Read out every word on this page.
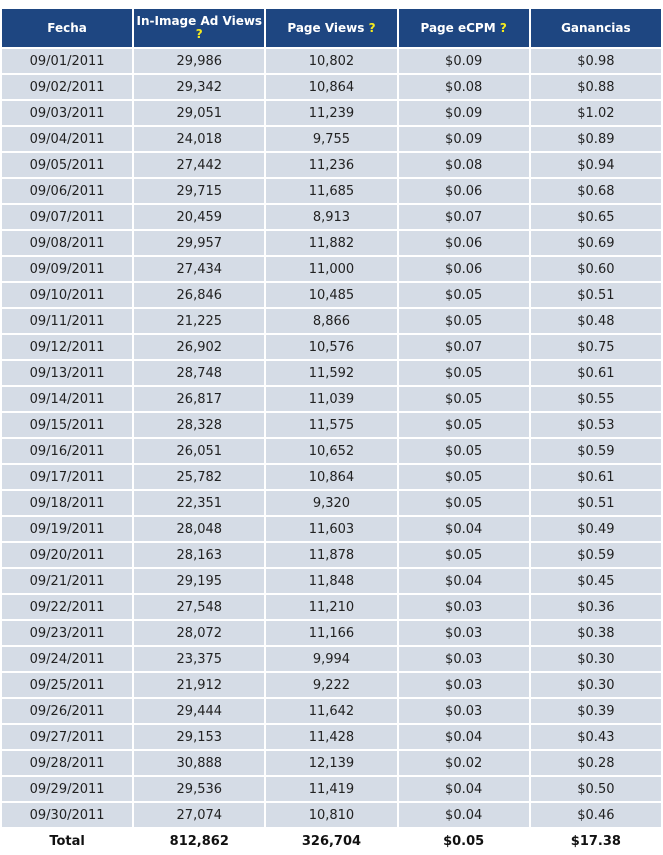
Fecha	In-Image Ad Views ?	Page Views ?	Page eCPM ?	Ganancias
09/01/2011	29,986	10,802	$0.09	$0.98
09/02/2011	29,342	10,864	$0.08	$0.88
09/03/2011	29,051	11,239	$0.09	$1.02
09/04/2011	24,018	9,755	$0.09	$0.89
09/05/2011	27,442	11,236	$0.08	$0.94
09/06/2011	29,715	11,685	$0.06	$0.68
09/07/2011	20,459	8,913	$0.07	$0.65
09/08/2011	29,957	11,882	$0.06	$0.69
09/09/2011	27,434	11,000	$0.06	$0.60
09/10/2011	26,846	10,485	$0.05	$0.51
09/11/2011	21,225	8,866	$0.05	$0.48
09/12/2011	26,902	10,576	$0.07	$0.75
09/13/2011	28,748	11,592	$0.05	$0.61
09/14/2011	26,817	11,039	$0.05	$0.55
09/15/2011	28,328	11,575	$0.05	$0.53
09/16/2011	26,051	10,652	$0.05	$0.59
09/17/2011	25,782	10,864	$0.05	$0.61
09/18/2011	22,351	9,320	$0.05	$0.51
09/19/2011	28,048	11,603	$0.04	$0.49
09/20/2011	28,163	11,878	$0.05	$0.59
09/21/2011	29,195	11,848	$0.04	$0.45
09/22/2011	27,548	11,210	$0.03	$0.36
09/23/2011	28,072	11,166	$0.03	$0.38
09/24/2011	23,375	9,994	$0.03	$0.30
09/25/2011	21,912	9,222	$0.03	$0.30
09/26/2011	29,444	11,642	$0.03	$0.39
09/27/2011	29,153	11,428	$0.04	$0.43
09/28/2011	30,888	12,139	$0.02	$0.28
09/29/2011	29,536	11,419	$0.04	$0.50
09/30/2011	27,074	10,810	$0.04	$0.46
Total	812,862	326,704	$0.05	$17.38
